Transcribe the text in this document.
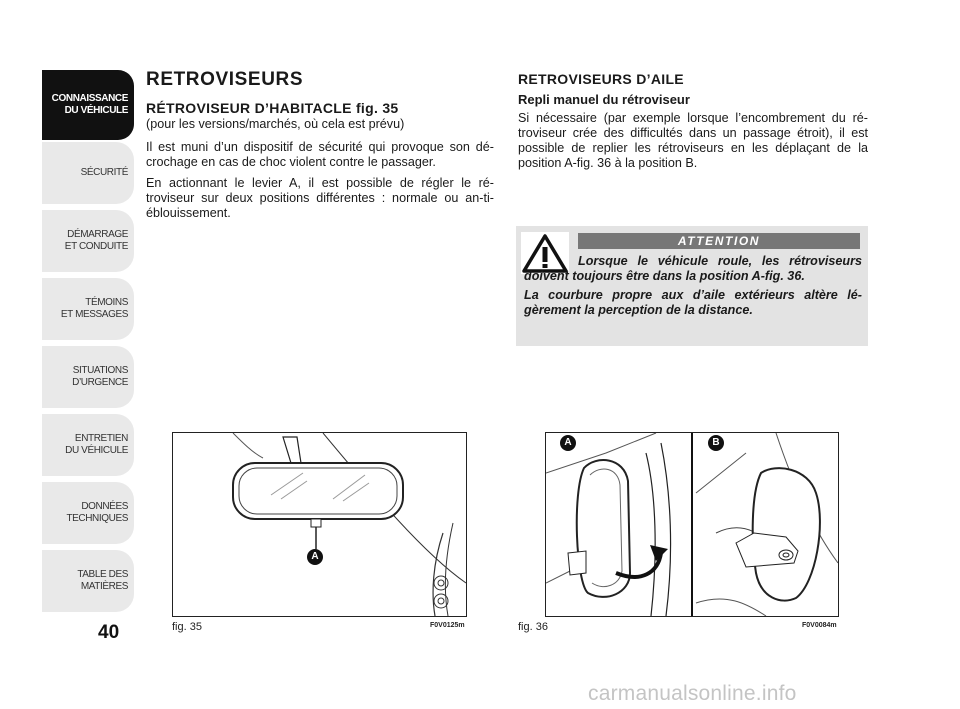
CONNAISSANCE
DU VÉHICULE
SÉCURITÉ
DÉMARRAGE
ET CONDUITE
TÉMOINS
ET MESSAGES
SITUATIONS
D’URGENCE
ENTRETIEN
DU VÉHICULE
DONNÉES
TECHNIQUES
TABLE DES
MATIÈRES
40
RETROVISEURS
RÉTROVISEUR D’HABITACLE fig. 35

(pour les versions/marchés, où cela est prévu)

Il est muni d’un dispositif de sécurité qui provoque son dé-crochage en cas de choc violent contre le passager.

En actionnant le levier A, il est possible de régler le ré-troviseur sur deux positions différentes : normale ou an-ti-éblouissement.

RETROVISEURS D’AILE
Repli manuel du rétroviseur

Si nécessaire (par exemple lorsque l’encombrement du ré-troviseur crée des difficultés dans un passage étroit), il est possible de replier les rétroviseurs en les déplaçant de la position A-fig. 36 à la position B.

ATTENTION

Lorsque le véhicule roule, les rétroviseurs doivent toujours être dans la position A-fig. 36.

La courbure propre aux d’aile extérieurs altère lé-gèrement la perception de la distance.

A
fig. 35	F0V0125m
A	B
fig. 36	F0V0084m
carmanualsonline.info
